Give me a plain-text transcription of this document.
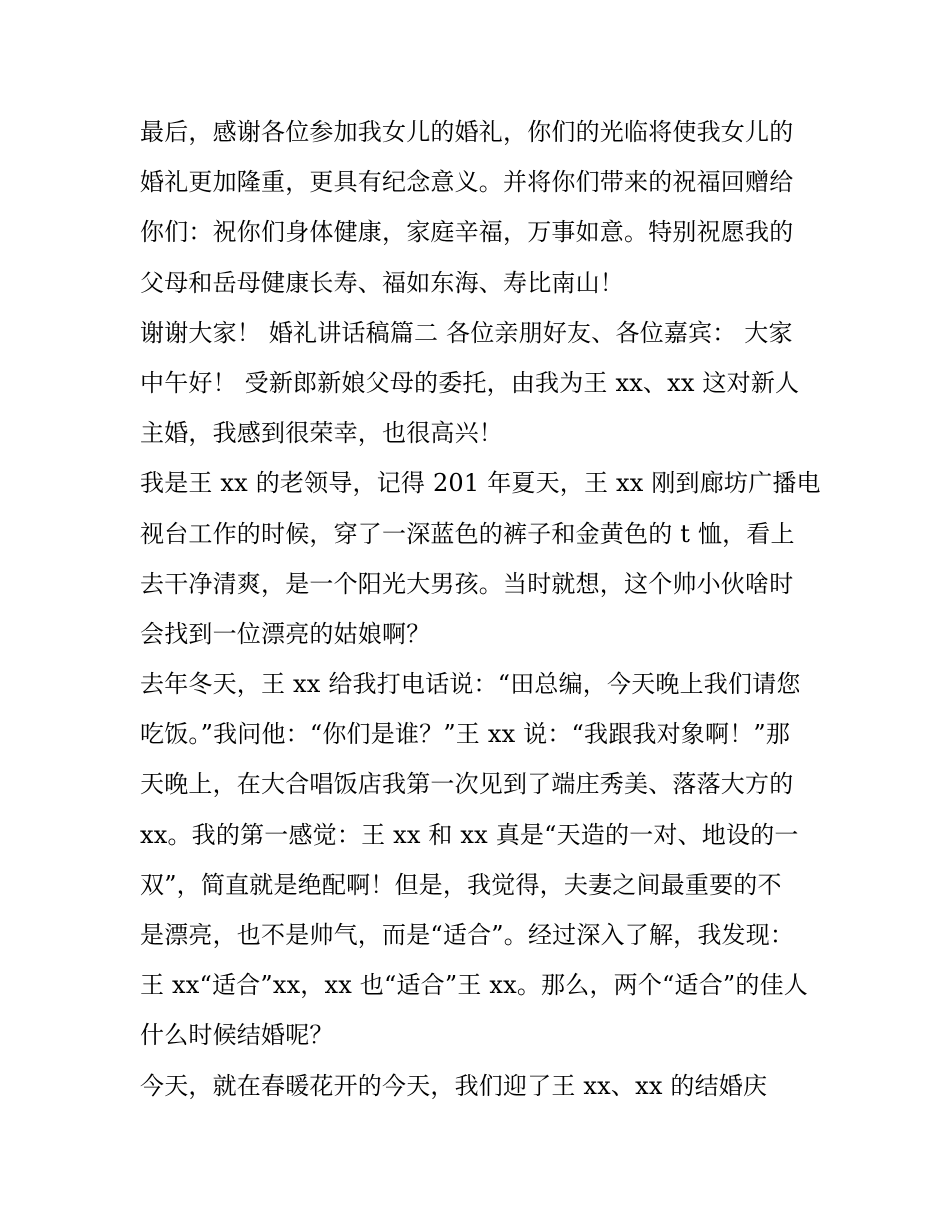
最后，感谢各位参加我女儿的婚礼，你们的光临将使我女儿的
婚礼更加隆重，更具有纪念意义。并将你们带来的祝福回赠给
你们：祝你们身体健康，家庭辛福，万事如意。特别祝愿我的
父母和岳母健康长寿、福如东海、寿比南山！
谢谢大家！ 婚礼讲话稿篇二 各位亲朋好友、各位嘉宾： 大家
中午好！ 受新郎新娘父母的委托，由我为王 xx、xx 这对新人
主婚，我感到很荣幸，也很高兴！
我是王 xx 的老领导，记得 201 年夏天，王 xx 刚到廊坊广播电
视台工作的时候，穿了一深蓝色的裤子和金黄色的 t 恤，看上
去干净清爽，是一个阳光大男孩。当时就想，这个帅小伙啥时
会找到一位漂亮的姑娘啊？
去年冬天，王 xx 给我打电话说：“田总编，今天晚上我们请您
吃饭。”我问他：“你们是谁？”王 xx 说：“我跟我对象啊！”那
天晚上，在大合唱饭店我第一次见到了端庄秀美、落落大方的
xx。我的第一感觉：王 xx 和 xx 真是“天造的一对、地设的一
双”，简直就是绝配啊！但是，我觉得，夫妻之间最重要的不
是漂亮，也不是帅气，而是“适合”。经过深入了解，我发现：
王 xx“适合”xx，xx 也“适合”王 xx。那么，两个“适合”的佳人
什么时候结婚呢？
今天，就在春暖花开的今天，我们迎了王 xx、xx 的结婚庆
